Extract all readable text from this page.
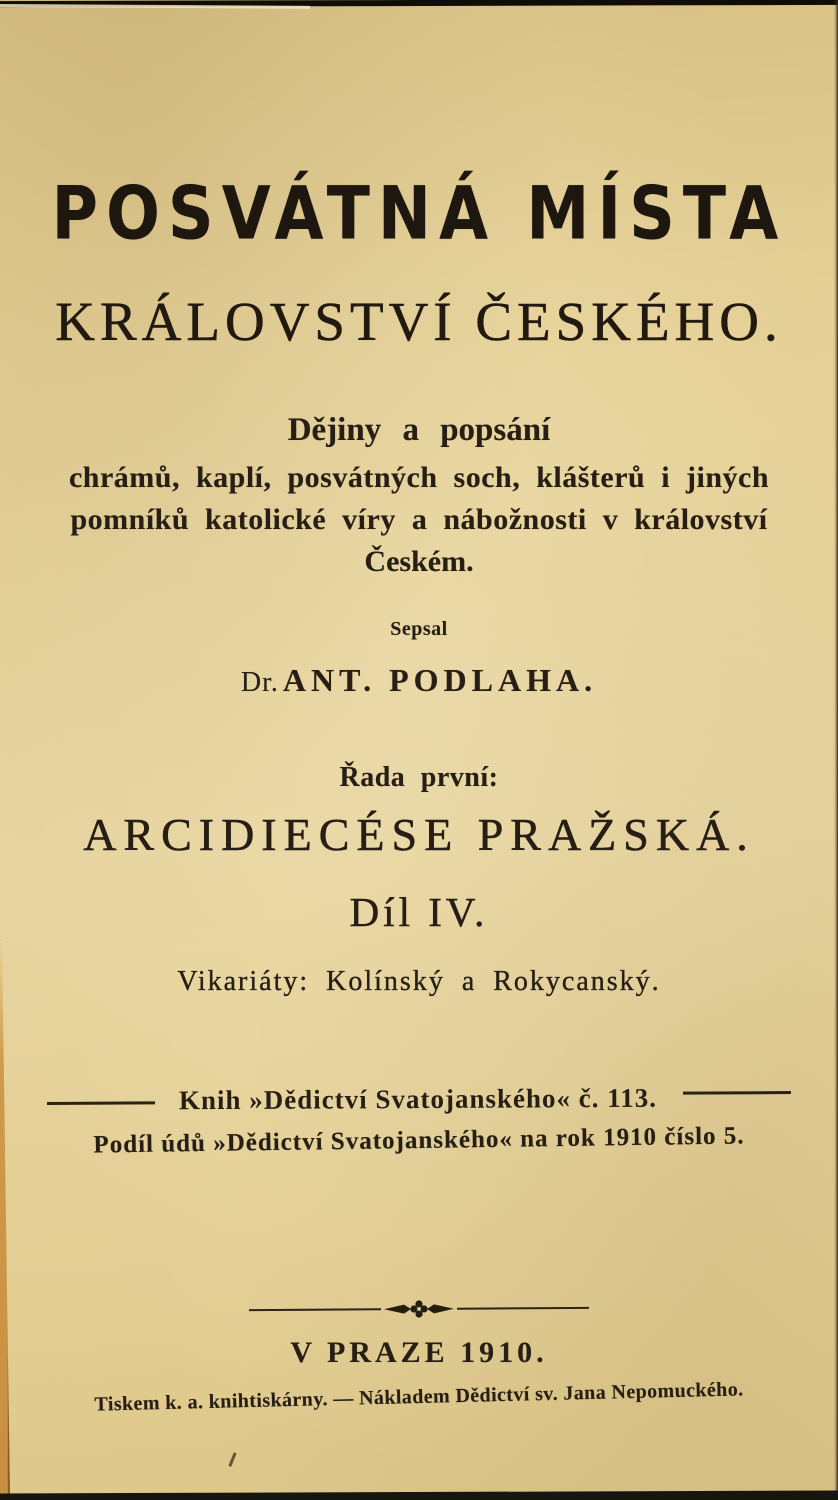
POSVÁTNÁ MÍSTA
KRÁLOVSTVÍ ČESKÉHO.
Dějiny a popsání
chrámů, kaplí, posvátných soch, klášterů i jiných
pomníků katolické víry a nábožnosti v království
Českém.
Sepsal
Dr. ANT. PODLAHA.
Řada první:
ARCIDIECÉSE PRAŽSKÁ.
Díl IV.
Vikariáty: Kolínský a Rokycanský.
Knih »Dědictví Svatojanského« č. 113.
Podíl údů »Dědictví Svatojanského« na rok 1910 číslo 5.
V PRAZE 1910.
Tiskem k. a. knihtiskárny. — Nákladem Dědictví sv. Jana Nepomuckého.
